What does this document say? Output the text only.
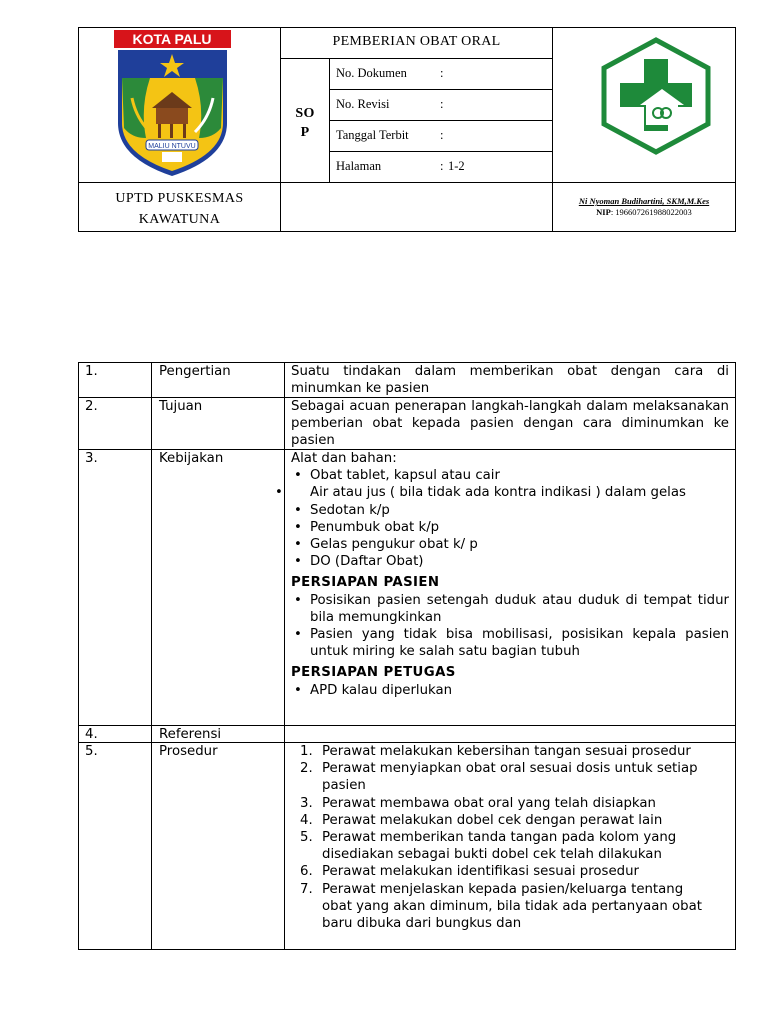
KOTA PALU
MALIU NTUVU
PEMBERIAN OBAT ORAL
SO
P
No. Dokumen	:
No. Revisi	:
Tanggal Terbit	:
Halaman	: 1-2
UPTD PUSKESMAS
KAWATUNA
Ni Nyoman Budihartini, SKM,M.Kes
NIP: 196607261988022003
1.	Pengertian	Suatu tindakan dalam memberikan obat dengan cara di minumkan ke pasien
2.	Tujuan	Sebagai acuan penerapan langkah-langkah dalam melaksanakan pemberian obat kepada pasien dengan cara diminumkan ke pasien
3.	Kebijakan	Alat dan bahan:
• Obat tablet, kapsul atau cair
• Air atau jus ( bila tidak ada kontra indikasi ) dalam gelas
• Sedotan k/p
• Penumbuk obat k/p
• Gelas pengukur obat k/ p
• DO (Daftar Obat)
PERSIAPAN PASIEN
• Posisikan pasien setengah duduk atau duduk di tempat tidur bila memungkinkan
• Pasien yang tidak bisa mobilisasi, posisikan kepala pasien untuk miring ke salah satu bagian tubuh
PERSIAPAN PETUGAS
• APD kalau diperlukan
4.	Referensi
5.	Prosedur	1. Perawat melakukan kebersihan tangan sesuai prosedur
2. Perawat menyiapkan obat oral sesuai dosis untuk setiap pasien
3. Perawat membawa obat oral yang telah disiapkan
4. Perawat melakukan dobel cek dengan perawat lain
5. Perawat memberikan tanda tangan pada kolom yang disediakan sebagai bukti dobel cek telah dilakukan
6. Perawat melakukan identifikasi sesuai prosedur
7. Perawat menjelaskan kepada pasien/keluarga tentang obat yang akan diminum, bila tidak ada pertanyaan obat baru dibuka dari bungkus dan
